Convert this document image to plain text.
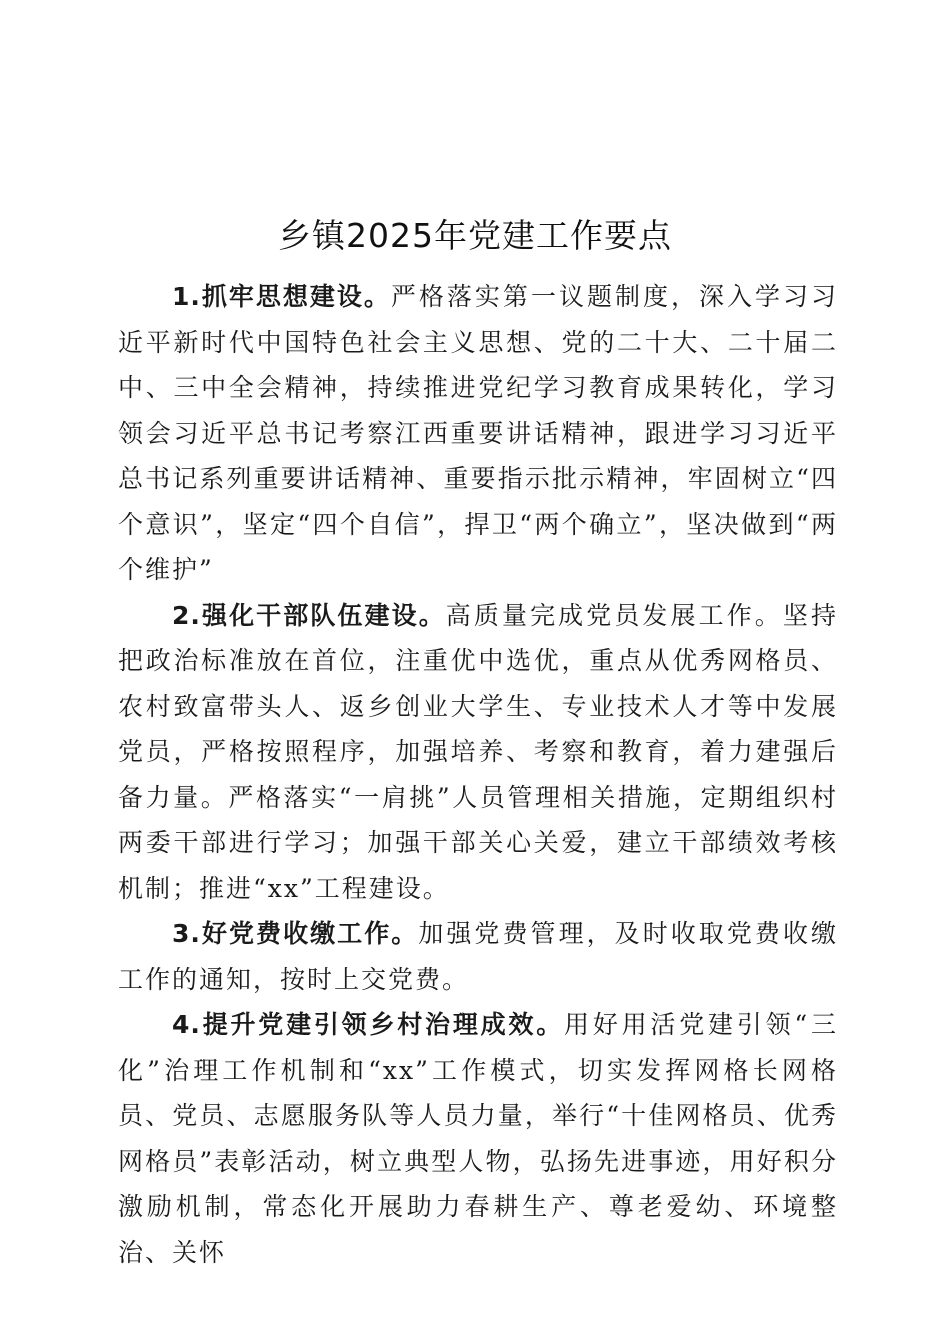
乡镇2025年党建工作要点

1.抓牢思想建设。严格落实第一议题制度，深入学习习近平新时代中国特色社会主义思想、党的二十大、二十届二中、三中全会精神，持续推进党纪学习教育成果转化，学习领会习近平总书记考察江西重要讲话精神，跟进学习习近平总书记系列重要讲话精神、重要指示批示精神，牢固树立“四个意识”，坚定“四个自信”，捍卫“两个确立”，坚决做到“两个维护”

2.强化干部队伍建设。高质量完成党员发展工作。坚持把政治标准放在首位，注重优中选优，重点从优秀网格员、农村致富带头人、返乡创业大学生、专业技术人才等中发展党员，严格按照程序，加强培养、考察和教育，着力建强后备力量。严格落实“一肩挑”人员管理相关措施，定期组织村两委干部进行学习；加强干部关心关爱，建立干部绩效考核机制；推进“xx”工程建设。

3.好党费收缴工作。加强党费管理，及时收取党费收缴工作的通知，按时上交党费。

4.提升党建引领乡村治理成效。用好用活党建引领“三化”治理工作机制和“xx”工作模式，切实发挥网格长网格员、党员、志愿服务队等人员力量，举行“十佳网格员、优秀网格员”表彰活动，树立典型人物，弘扬先进事迹，用好积分激励机制，常态化开展助力春耕生产、尊老爱幼、环境整治、关怀
